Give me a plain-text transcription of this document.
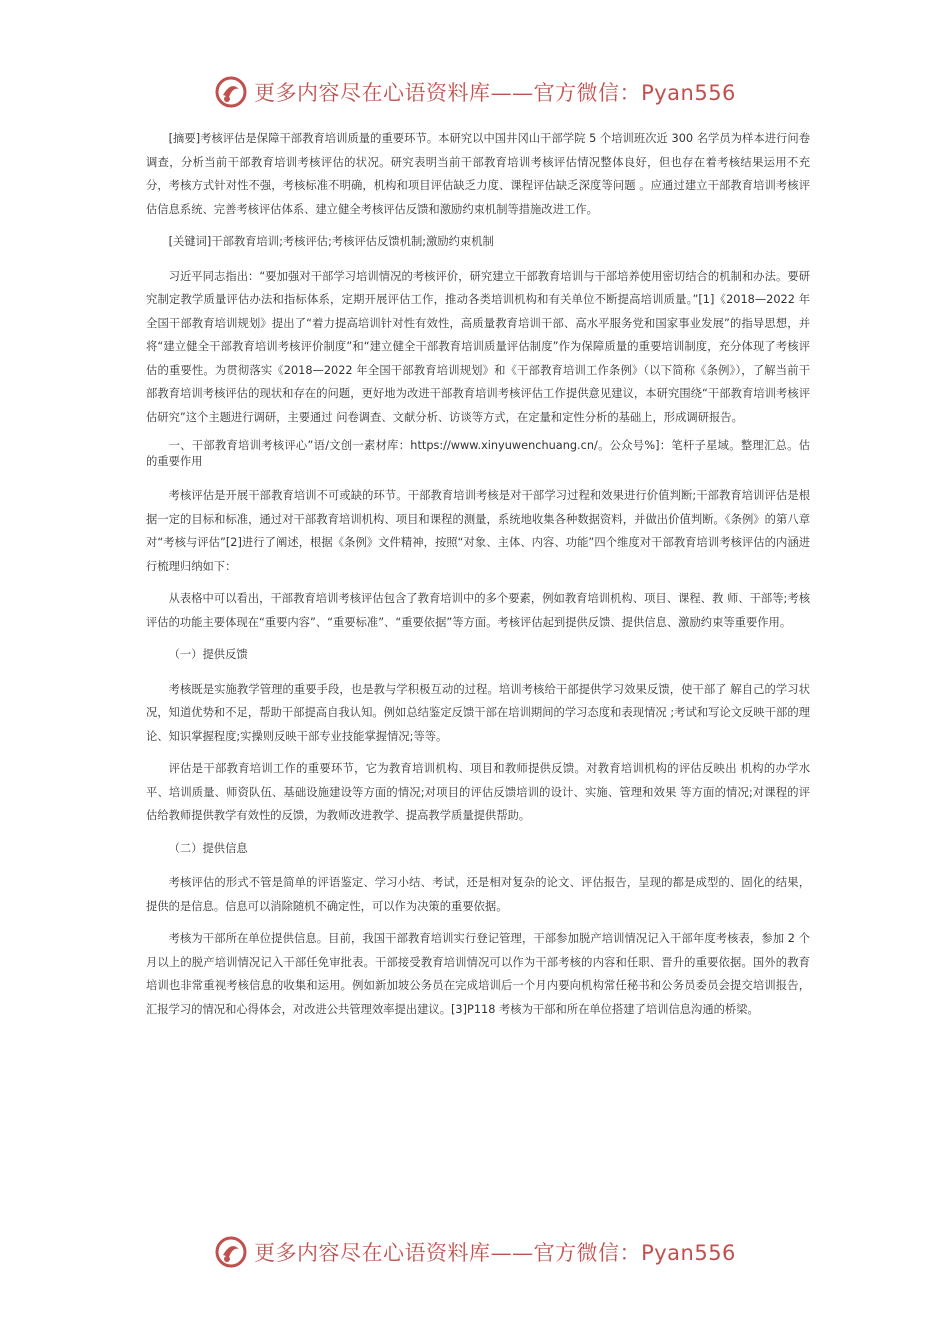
更多内容尽在心语资料库——官方微信：Pyan556

[摘要]考核评估是保障干部教育培训质量的重要环节。本研究以中国井冈山干部学院 5 个培训班次近 300 名学员为样本进行问卷调查，分析当前干部教育培训考核评估的状况。研究表明当前干部教育培训考核评估情况整体良好，但也存在着考核结果运用不充分，考核方式针对性不强，考核标准不明确，机构和项目评估缺乏力度、课程评估缺乏深度等问题 。应通过建立干部教育培训考核评估信息系统、完善考核评估体系、建立健全考核评估反馈和激励约束机制等措施改进工作。

[关键词]干部教育培训;考核评估;考核评估反馈机制;激励约束机制

习近平同志指出：“要加强对干部学习培训情况的考核评价，研究建立干部教育培训与干部培养使用密切结合的机制和办法。要研究制定教学质量评估办法和指标体系，定期开展评估工作，推动各类培训机构和有关单位不断提高培训质量。”[1]《2018—2022 年全国干部教育培训规划》提出了“着力提高培训针对性有效性，高质量教育培训干部、高水平服务党和国家事业发展”的指导思想，并将“建立健全干部教育培训考核评价制度”和“建立健全干部教育培训质量评估制度”作为保障质量的重要培训制度，充分体现了考核评估的重要性。为贯彻落实《2018—2022 年全国干部教育培训规划》和《干部教育培训工作条例》（以下简称《条例》），了解当前干部教育培训考核评估的现状和存在的问题，更好地为改进干部教育培训考核评估工作提供意见建议，本研究围绕“干部教育培训考核评估研究”这个主题进行调研，主要通过 问卷调查、文献分析、访谈等方式，在定量和定性分析的基础上，形成调研报告。

一、干部教育培训考核评心”语/文创一素材库：https://www.xinyuwenchuang.cn/。公众号%]：笔杆子星域。整理汇总。估的重要作用

考核评估是开展干部教育培训不可或缺的环节。干部教育培训考核是对干部学习过程和效果进行价值判断;干部教育培训评估是根据一定的目标和标准，通过对干部教育培训机构、项目和课程的测量，系统地收集各种数据资料，并做出价值判断。《条例》的第八章对“考核与评估”[2]进行了阐述，根据《条例》文件精神，按照“对象、主体、内容、功能”四个维度对干部教育培训考核评估的内涵进行梳理归纳如下：

从表格中可以看出，干部教育培训考核评估包含了教育培训中的多个要素，例如教育培训机构、项目、课程、教 师、干部等;考核评估的功能主要体现在“重要内容”、“重要标准”、“重要依据”等方面。考核评估起到提供反馈、提供信息、激励约束等重要作用。

（一）提供反馈

考核既是实施教学管理的重要手段，也是教与学积极互动的过程。培训考核给干部提供学习效果反馈，使干部了 解自己的学习状况，知道优势和不足，帮助干部提高自我认知。例如总结鉴定反馈干部在培训期间的学习态度和表现情况 ;考试和写论文反映干部的理论、知识掌握程度;实操则反映干部专业技能掌握情况;等等。

评估是干部教育培训工作的重要环节，它为教育培训机构、项目和教师提供反馈。对教育培训机构的评估反映出 机构的办学水平、培训质量、师资队伍、基础设施建设等方面的情况;对项目的评估反馈培训的设计、实施、管理和效果 等方面的情况;对课程的评估给教师提供教学有效性的反馈，为教师改进教学、提高教学质量提供帮助。

（二）提供信息

考核评估的形式不管是简单的评语鉴定、学习小结、考试，还是相对复杂的论文、评估报告，呈现的都是成型的、固化的结果，提供的是信息。信息可以消除随机不确定性，可以作为决策的重要依据。

考核为干部所在单位提供信息。目前，我国干部教育培训实行登记管理，干部参加脱产培训情况记入干部年度考核表，参加 2 个月以上的脱产培训情况记入干部任免审批表。干部接受教育培训情况可以作为干部考核的内容和任职、晋升的重要依据。国外的教育培训也非常重视考核信息的收集和运用。例如新加坡公务员在完成培训后一个月内要向机构常任秘书和公务员委员会提交培训报告，汇报学习的情况和心得体会，对改进公共管理效率提出建议。[3]P118 考核为干部和所在单位搭建了培训信息沟通的桥梁。

更多内容尽在心语资料库——官方微信：Pyan556
